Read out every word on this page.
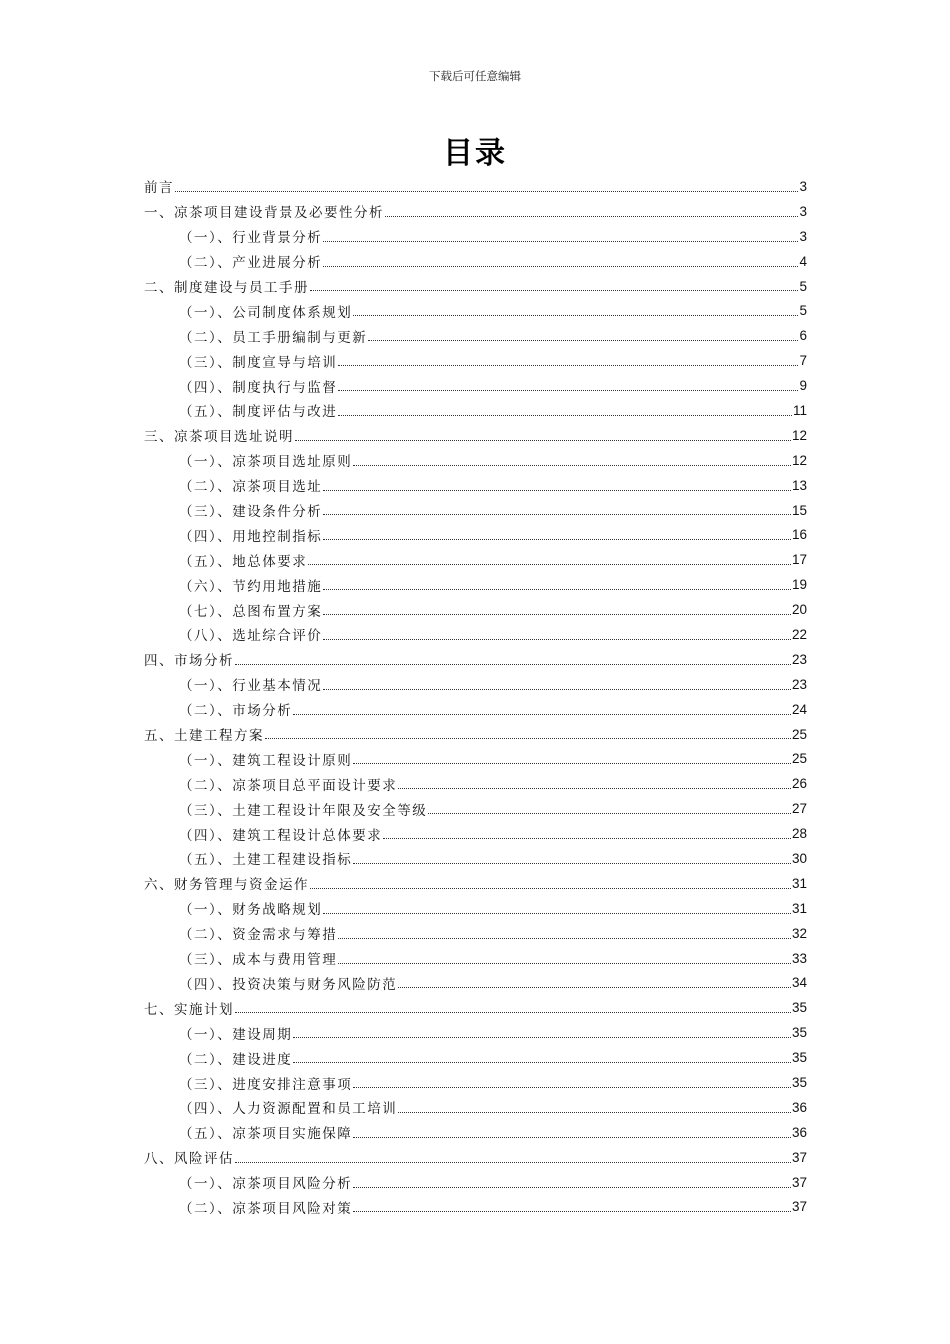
下载后可任意编辑
目录
前言	3
一、凉茶项目建设背景及必要性分析	3
（一）、行业背景分析	3
（二）、产业进展分析	4
二、制度建设与员工手册	5
（一）、公司制度体系规划	5
（二）、员工手册编制与更新	6
（三）、制度宣导与培训	7
（四）、制度执行与监督	9
（五）、制度评估与改进	11
三、凉茶项目选址说明	12
（一）、凉茶项目选址原则	12
（二）、凉茶项目选址	13
（三）、建设条件分析	15
（四）、用地控制指标	16
（五）、地总体要求	17
（六）、节约用地措施	19
（七）、总图布置方案	20
（八）、选址综合评价	22
四、市场分析	23
（一）、行业基本情况	23
（二）、市场分析	24
五、土建工程方案	25
（一）、建筑工程设计原则	25
（二）、凉茶项目总平面设计要求	26
（三）、土建工程设计年限及安全等级	27
（四）、建筑工程设计总体要求	28
（五）、土建工程建设指标	30
六、财务管理与资金运作	31
（一）、财务战略规划	31
（二）、资金需求与筹措	32
（三）、成本与费用管理	33
（四）、投资决策与财务风险防范	34
七、实施计划	35
（一）、建设周期	35
（二）、建设进度	35
（三）、进度安排注意事项	35
（四）、人力资源配置和员工培训	36
（五）、凉茶项目实施保障	36
八、风险评估	37
（一）、凉茶项目风险分析	37
（二）、凉茶项目风险对策	37
